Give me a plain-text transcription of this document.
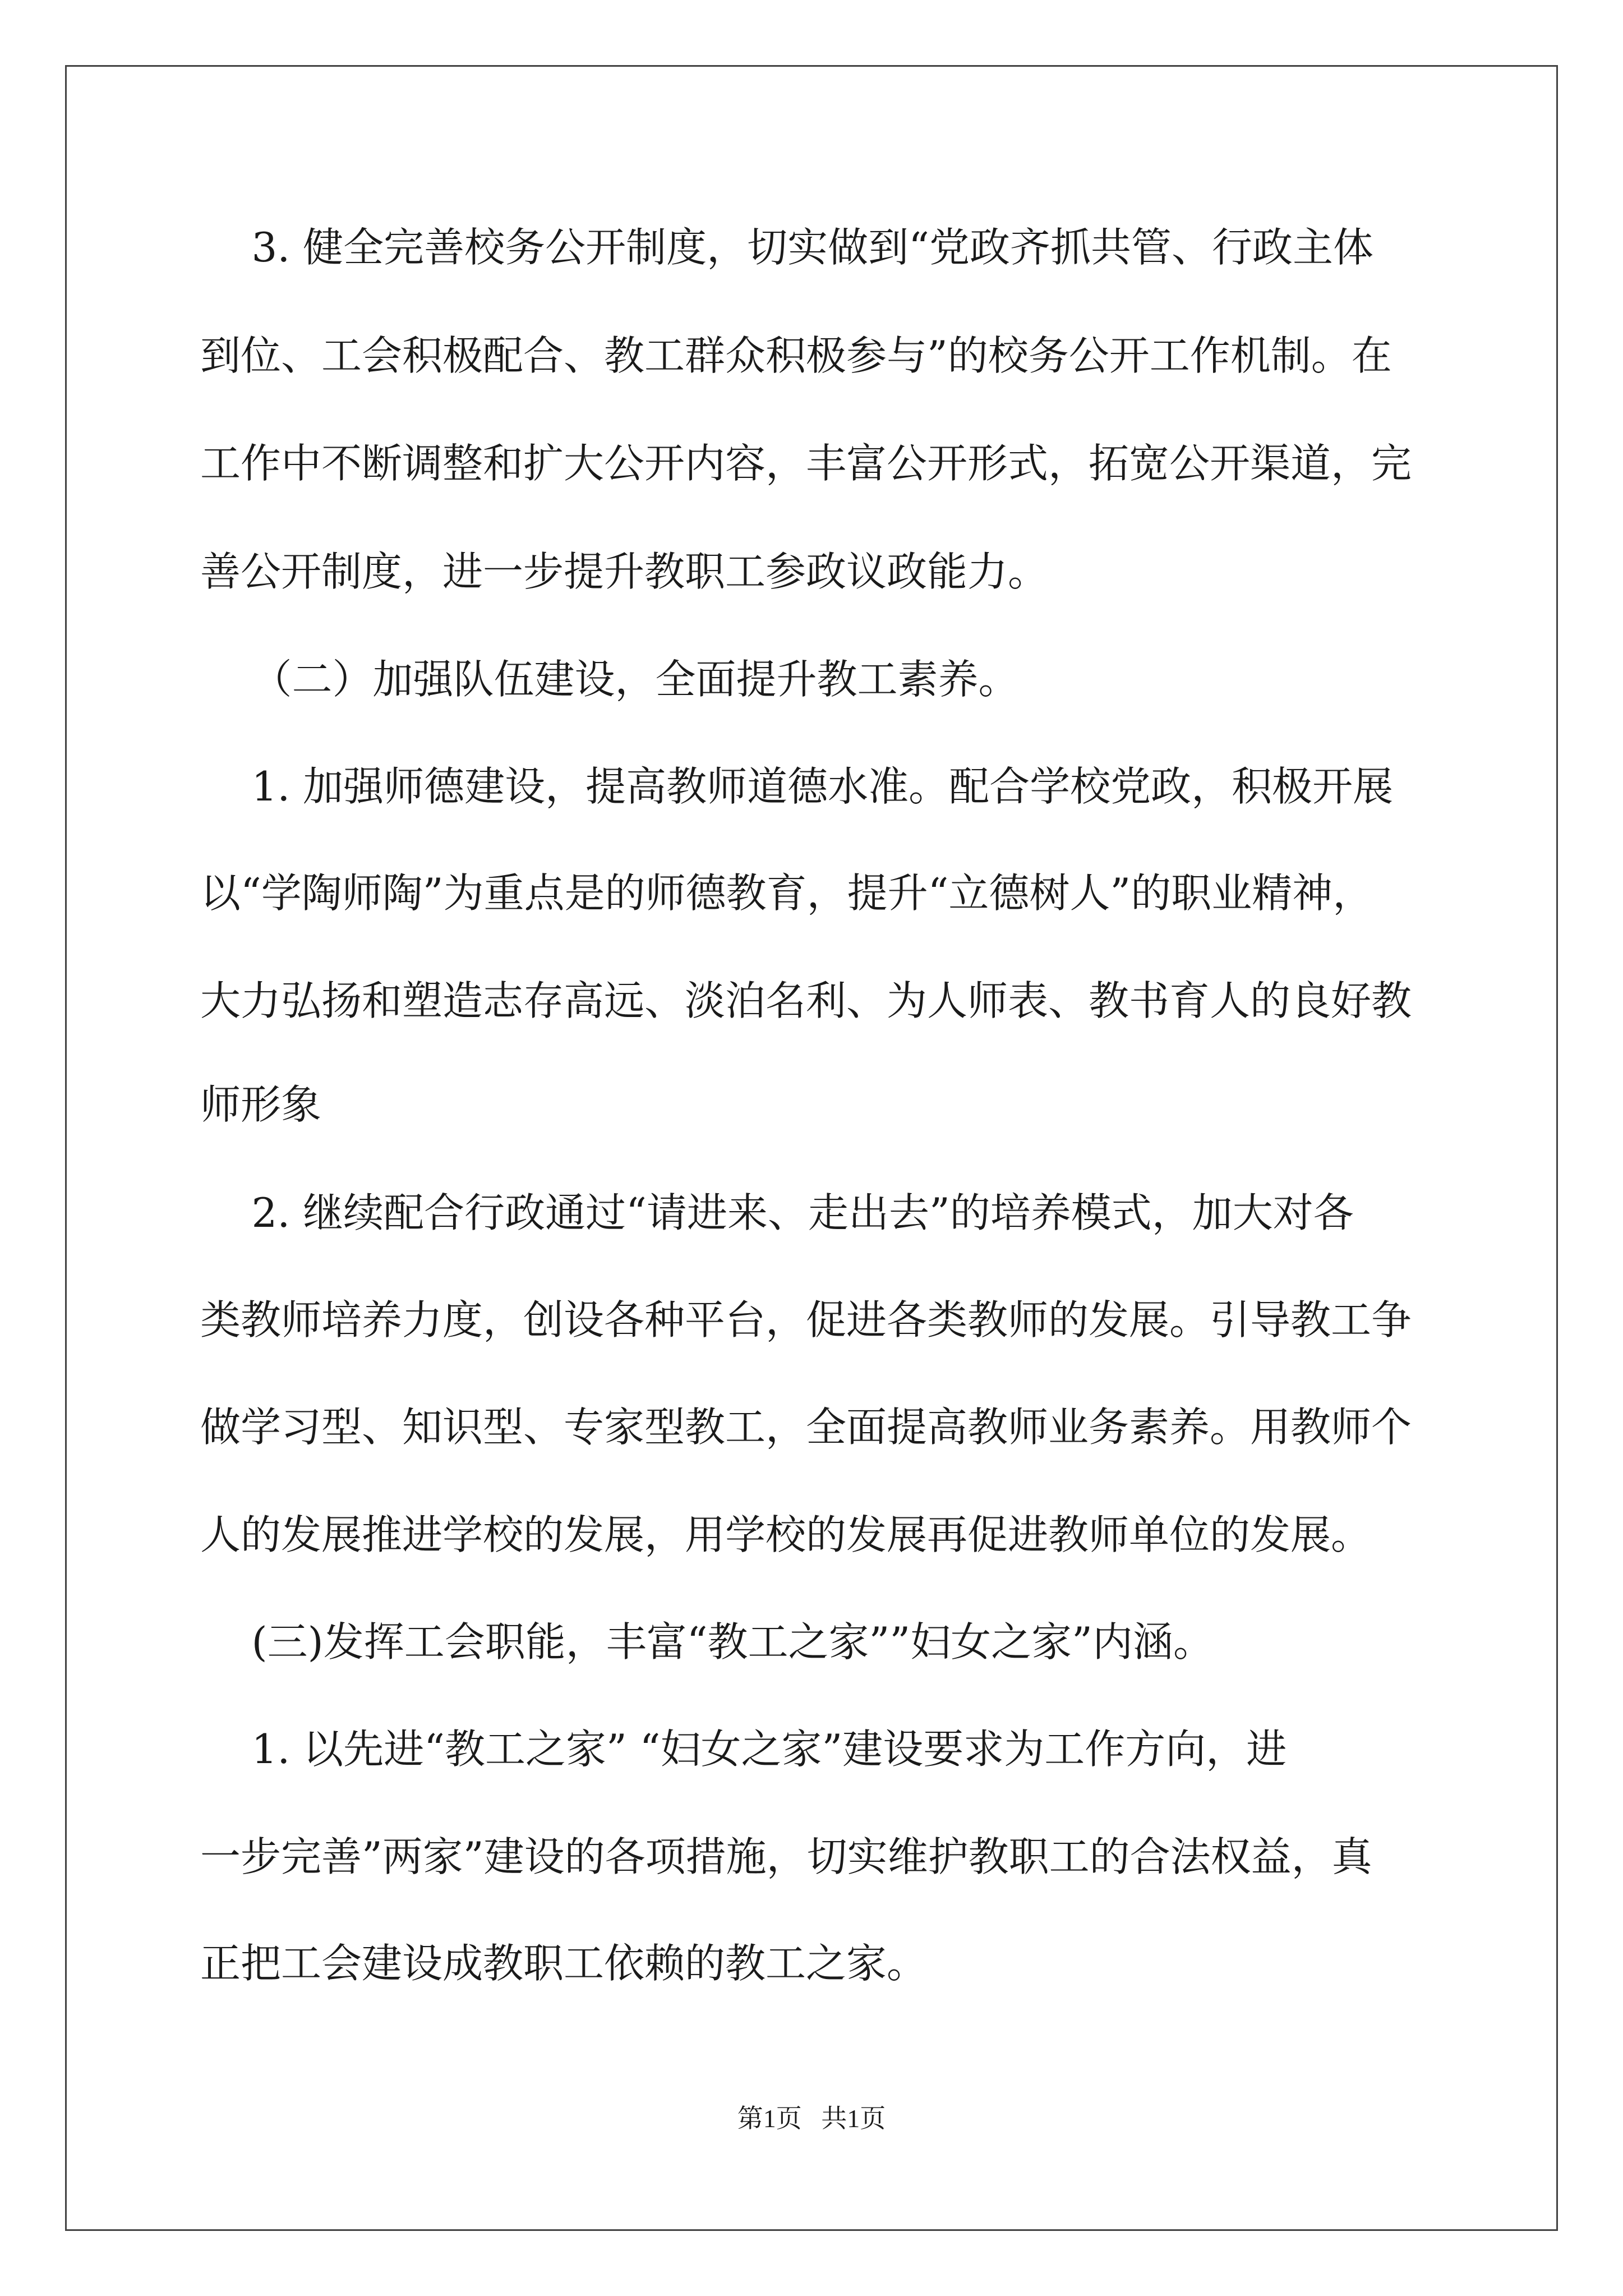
3. 健全完善校务公开制度，切实做到“党政齐抓共管、行政主体
到位、工会积极配合、教工群众积极参与”的校务公开工作机制。在
工作中不断调整和扩大公开内容，丰富公开形式，拓宽公开渠道，完
善公开制度，进一步提升教职工参政议政能力。
（二）加强队伍建设，全面提升教工素养。
1. 加强师德建设，提高教师道德水准。配合学校党政，积极开展
以“学陶师陶”为重点是的师德教育，提升“立德树人”的职业精神，
大力弘扬和塑造志存高远、淡泊名利、为人师表、教书育人的良好教
师形象
2. 继续配合行政通过“请进来、走出去”的培养模式，加大对各
类教师培养力度，创设各种平台，促进各类教师的发展。引导教工争
做学习型、知识型、专家型教工，全面提高教师业务素养。用教师个
人的发展推进学校的发展，用学校的发展再促进教师单位的发展。
(三)发挥工会职能，丰富“教工之家””妇女之家”内涵。
1. 以先进“教工之家” “妇女之家”建设要求为工作方向，进
一步完善”两家”建设的各项措施，切实维护教职工的合法权益，真
正把工会建设成教职工依赖的教工之家。
第1页   共1页
